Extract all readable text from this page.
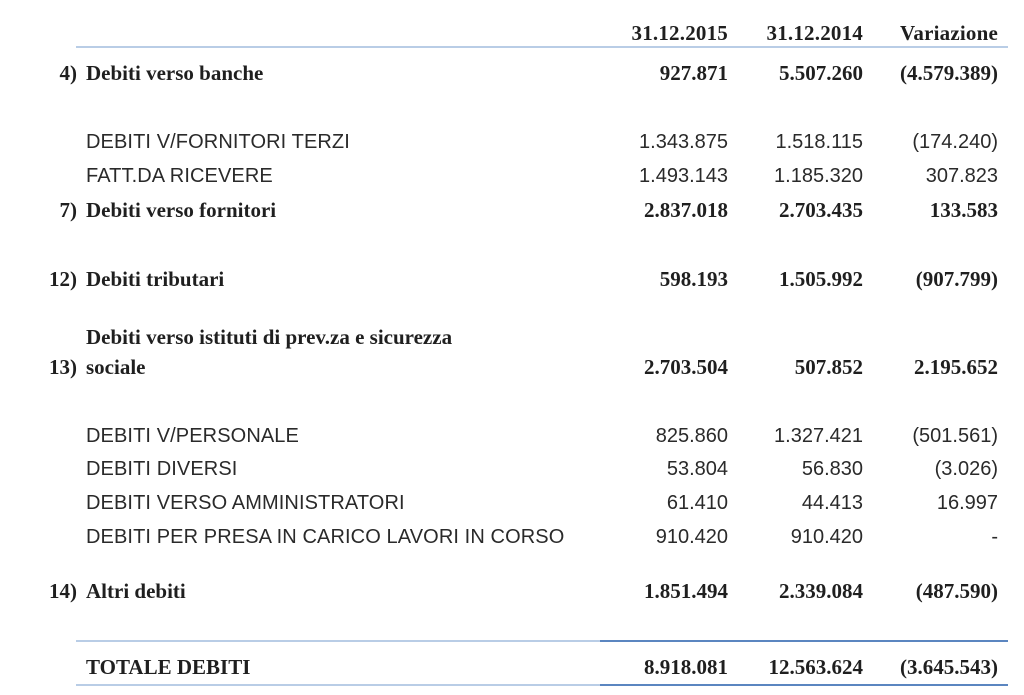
31.12.2015	31.12.2014	Variazione
4) Debiti verso banche	927.871	5.507.260	(4.579.389)
DEBITI V/FORNITORI TERZI	1.343.875	1.518.115	(174.240)
FATT.DA RICEVERE	1.493.143	1.185.320	307.823
7) Debiti verso fornitori	2.837.018	2.703.435	133.583
12) Debiti tributari	598.193	1.505.992	(907.799)
Debiti verso istituti di prev.za e sicurezza
13) sociale	2.703.504	507.852	2.195.652
DEBITI V/PERSONALE	825.860	1.327.421	(501.561)
DEBITI DIVERSI	53.804	56.830	(3.026)
DEBITI VERSO AMMINISTRATORI	61.410	44.413	16.997
DEBITI PER PRESA IN CARICO LAVORI IN CORSO	910.420	910.420	-
14) Altri debiti	1.851.494	2.339.084	(487.590)
TOTALE DEBITI	8.918.081	12.563.624	(3.645.543)
